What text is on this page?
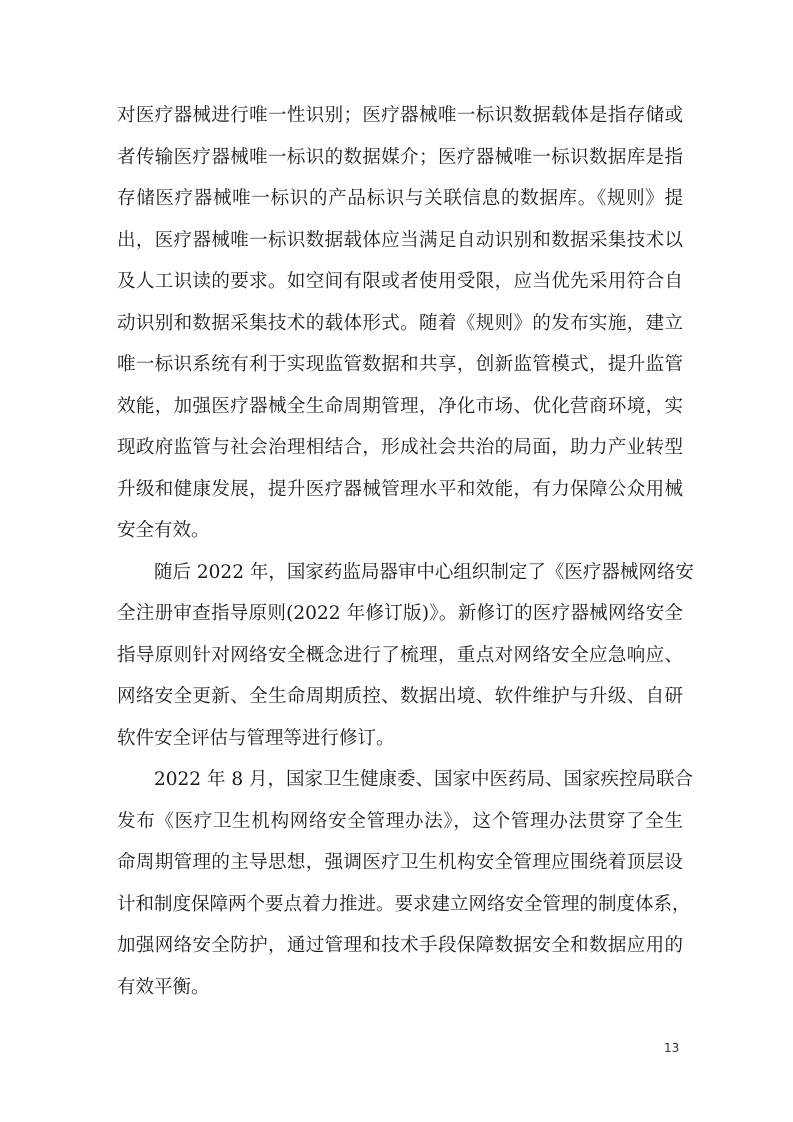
对医疗器械进行唯一性识别；医疗器械唯一标识数据载体是指存储或
者传输医疗器械唯一标识的数据媒介；医疗器械唯一标识数据库是指
存储医疗器械唯一标识的产品标识与关联信息的数据库。《规则》提
出，医疗器械唯一标识数据载体应当满足自动识别和数据采集技术以
及人工识读的要求。如空间有限或者使用受限，应当优先采用符合自
动识别和数据采集技术的载体形式。随着《规则》的发布实施，建立
唯一标识系统有利于实现监管数据和共享，创新监管模式，提升监管
效能，加强医疗器械全生命周期管理，净化市场、优化营商环境，实
现政府监管与社会治理相结合，形成社会共治的局面，助力产业转型
升级和健康发展，提升医疗器械管理水平和效能，有力保障公众用械
安全有效。
随后 2022 年，国家药监局器审中心组织制定了《医疗器械网络安
全注册审查指导原则(2022 年修订版)》。新修订的医疗器械网络安全
指导原则针对网络安全概念进行了梳理，重点对网络安全应急响应、
网络安全更新、全生命周期质控、数据出境、软件维护与升级、自研
软件安全评估与管理等进行修订。
2022 年 8 月，国家卫生健康委、国家中医药局、国家疾控局联合
发布《医疗卫生机构网络安全管理办法》，这个管理办法贯穿了全生
命周期管理的主导思想，强调医疗卫生机构安全管理应围绕着顶层设
计和制度保障两个要点着力推进。要求建立网络安全管理的制度体系，
加强网络安全防护，通过管理和技术手段保障数据安全和数据应用的
有效平衡。
13
